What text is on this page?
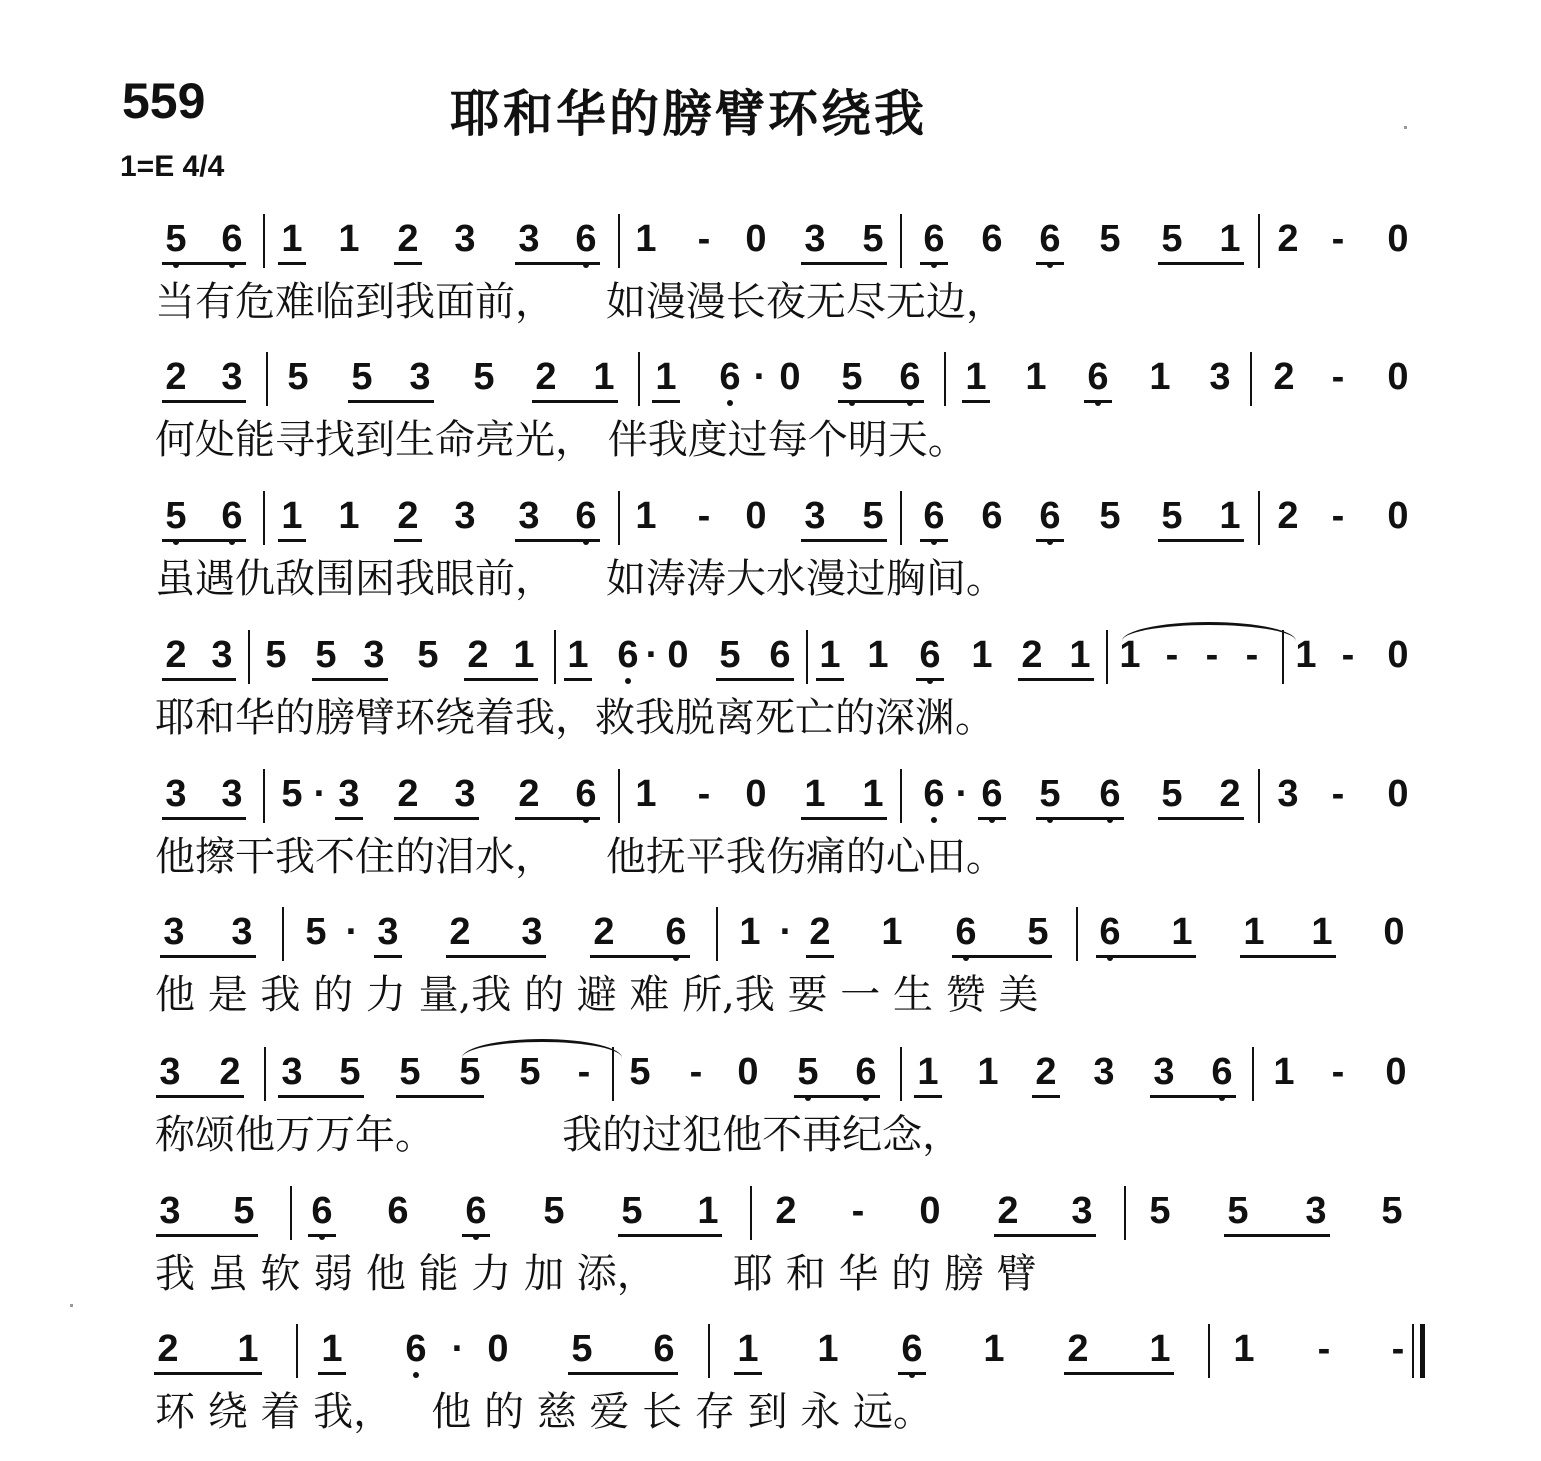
559	耶和华的膀臂环绕我
1=E 4/4
5 6 1 1 2 3 3 6 1	- 0 3 5 6 6 6 5 5 1 2 -	0
当有危难临到我面前，    如漫漫长夜无尽无边，
2 3 5 5 3 5 2 1 1 6 · 0 5 6 1 1 6 1 3 2 -	0
何处能寻找到生命亮光， 伴我度过每个明天。
5 6 1 1 2 3 3 6 1	- 0 3 5 6 6 6 5 5 1 2 -	0
虽遇仇敌围困我眼前，    如涛涛大水漫过胸间。
2 3 5 5 3 5 2 1 1 6 · 0 5 6 1 1 6 1 2 1 1 - - - 1 - 0
耶和华的膀臂环绕着我，救我脱离死亡的深渊。
3 3 5 · 3 2 3 2 6 1	- 0 1 1 6 · 6 5 6 5 2 3 -	0
他擦干我不住的泪水，    他抚平我伤痛的心田。
3 3 5 · 3 2 3 2 6 1 · 2 1 6 5 6 1 1 1 0
他 是 我 的 力 量,我 的 避 难 所,我 要 一 生 赞 美
3 2 3 5 5 5 5 -	5	- 0 5 6 1 1 2 3 3 6 1 -	0
称颂他万万年。          我的过犯他不再纪念，
3 5 6 6 6 5 5 1 2	-	0 2 3 5 5 3 5
我 虽 软 弱 他 能 力 加 添，      耶 和 华 的 膀 臂
2 1 1 6 · 0 5 6 1 1 6 1 2 1 1	-	-
环 绕 着 我，   他 的 慈 爱 长 存 到 永 远。
